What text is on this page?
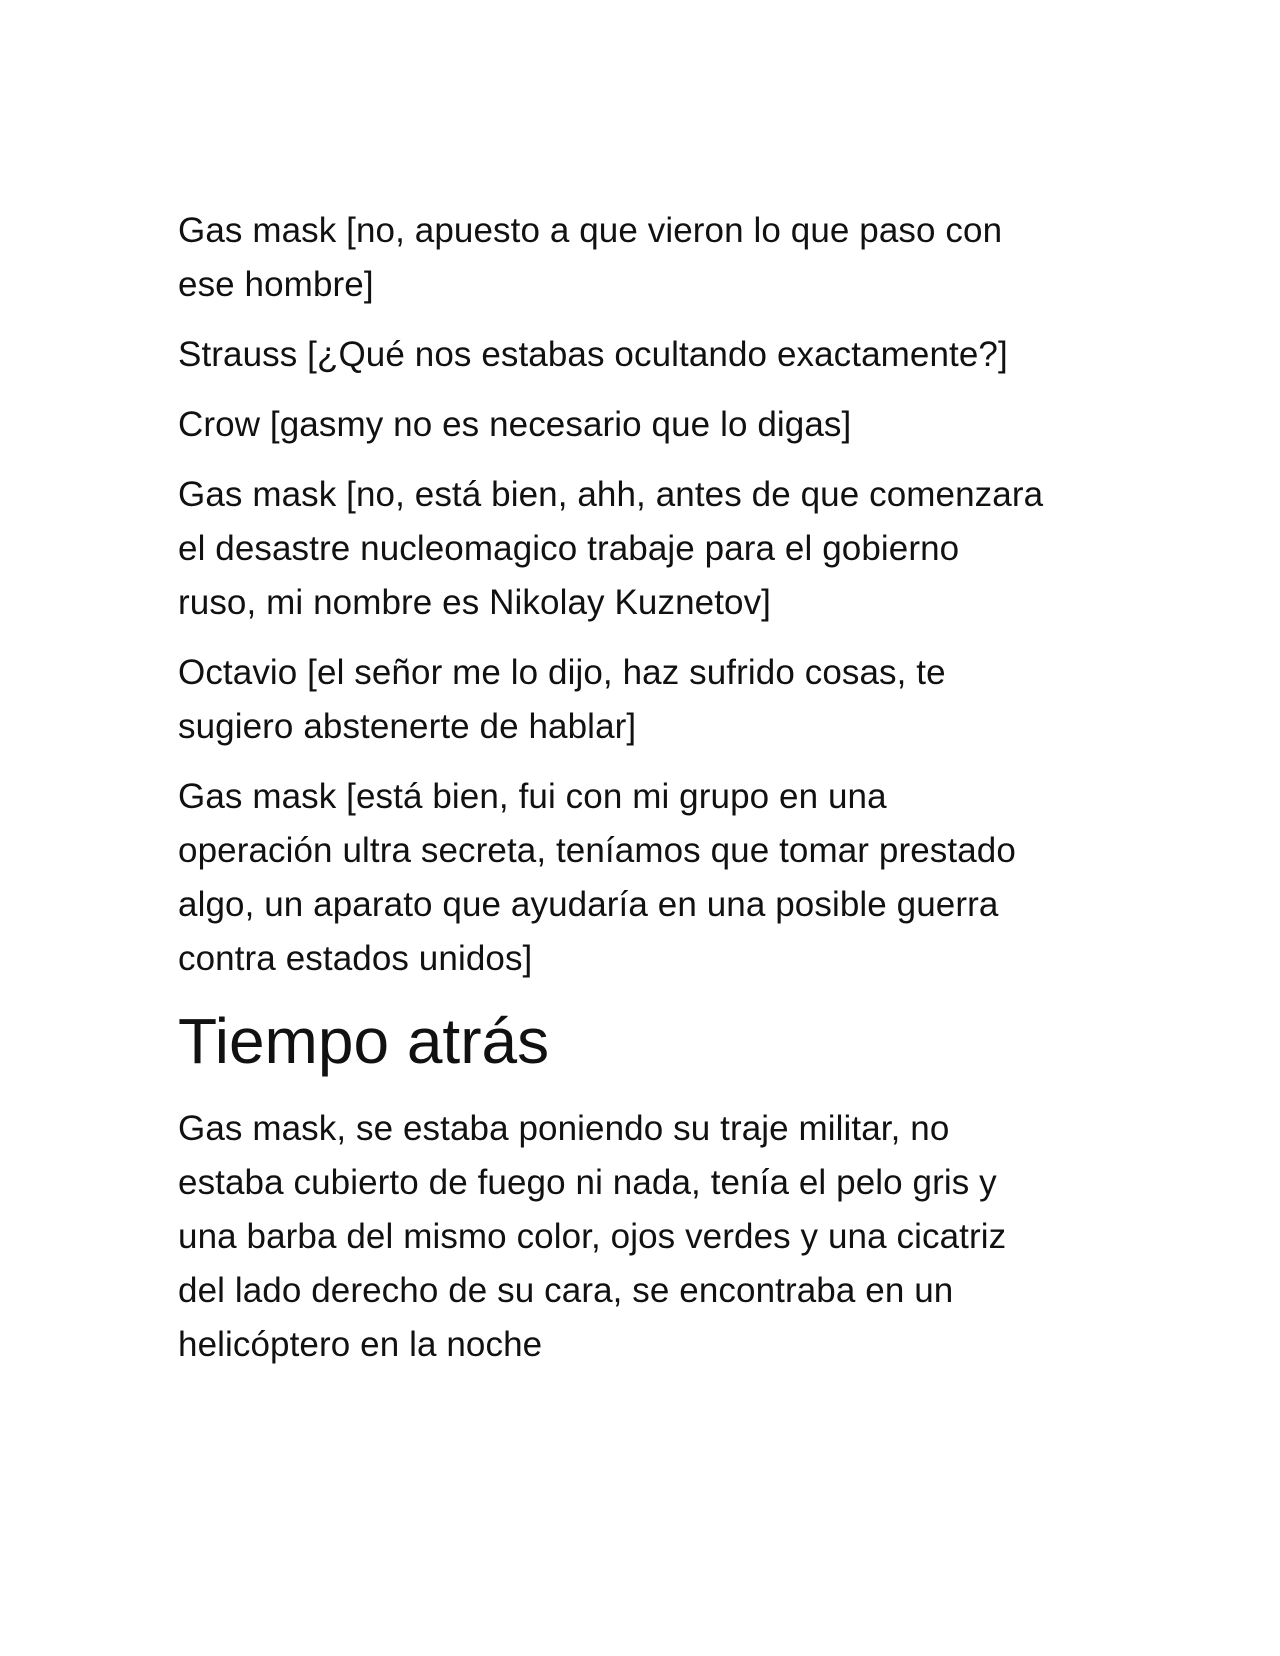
Gas mask [no, apuesto a que vieron lo que paso con
ese hombre]

Strauss [¿Qué nos estabas ocultando exactamente?]

Crow [gasmy no es necesario que lo digas]

Gas mask [no, está bien, ahh, antes de que comenzara
el desastre nucleomagico trabaje para el gobierno
ruso, mi nombre es Nikolay Kuznetov]

Octavio [el señor me lo dijo, haz sufrido cosas, te
sugiero abstenerte de hablar]

Gas mask [está bien, fui con mi grupo en una
operación ultra secreta, teníamos que tomar prestado
algo, un aparato que ayudaría en una posible guerra
contra estados unidos]

Tiempo atrás

Gas mask, se estaba poniendo su traje militar, no
estaba cubierto de fuego ni nada, tenía el pelo gris y
una barba del mismo color, ojos verdes y una cicatriz
del lado derecho de su cara, se encontraba en un
helicóptero en la noche
